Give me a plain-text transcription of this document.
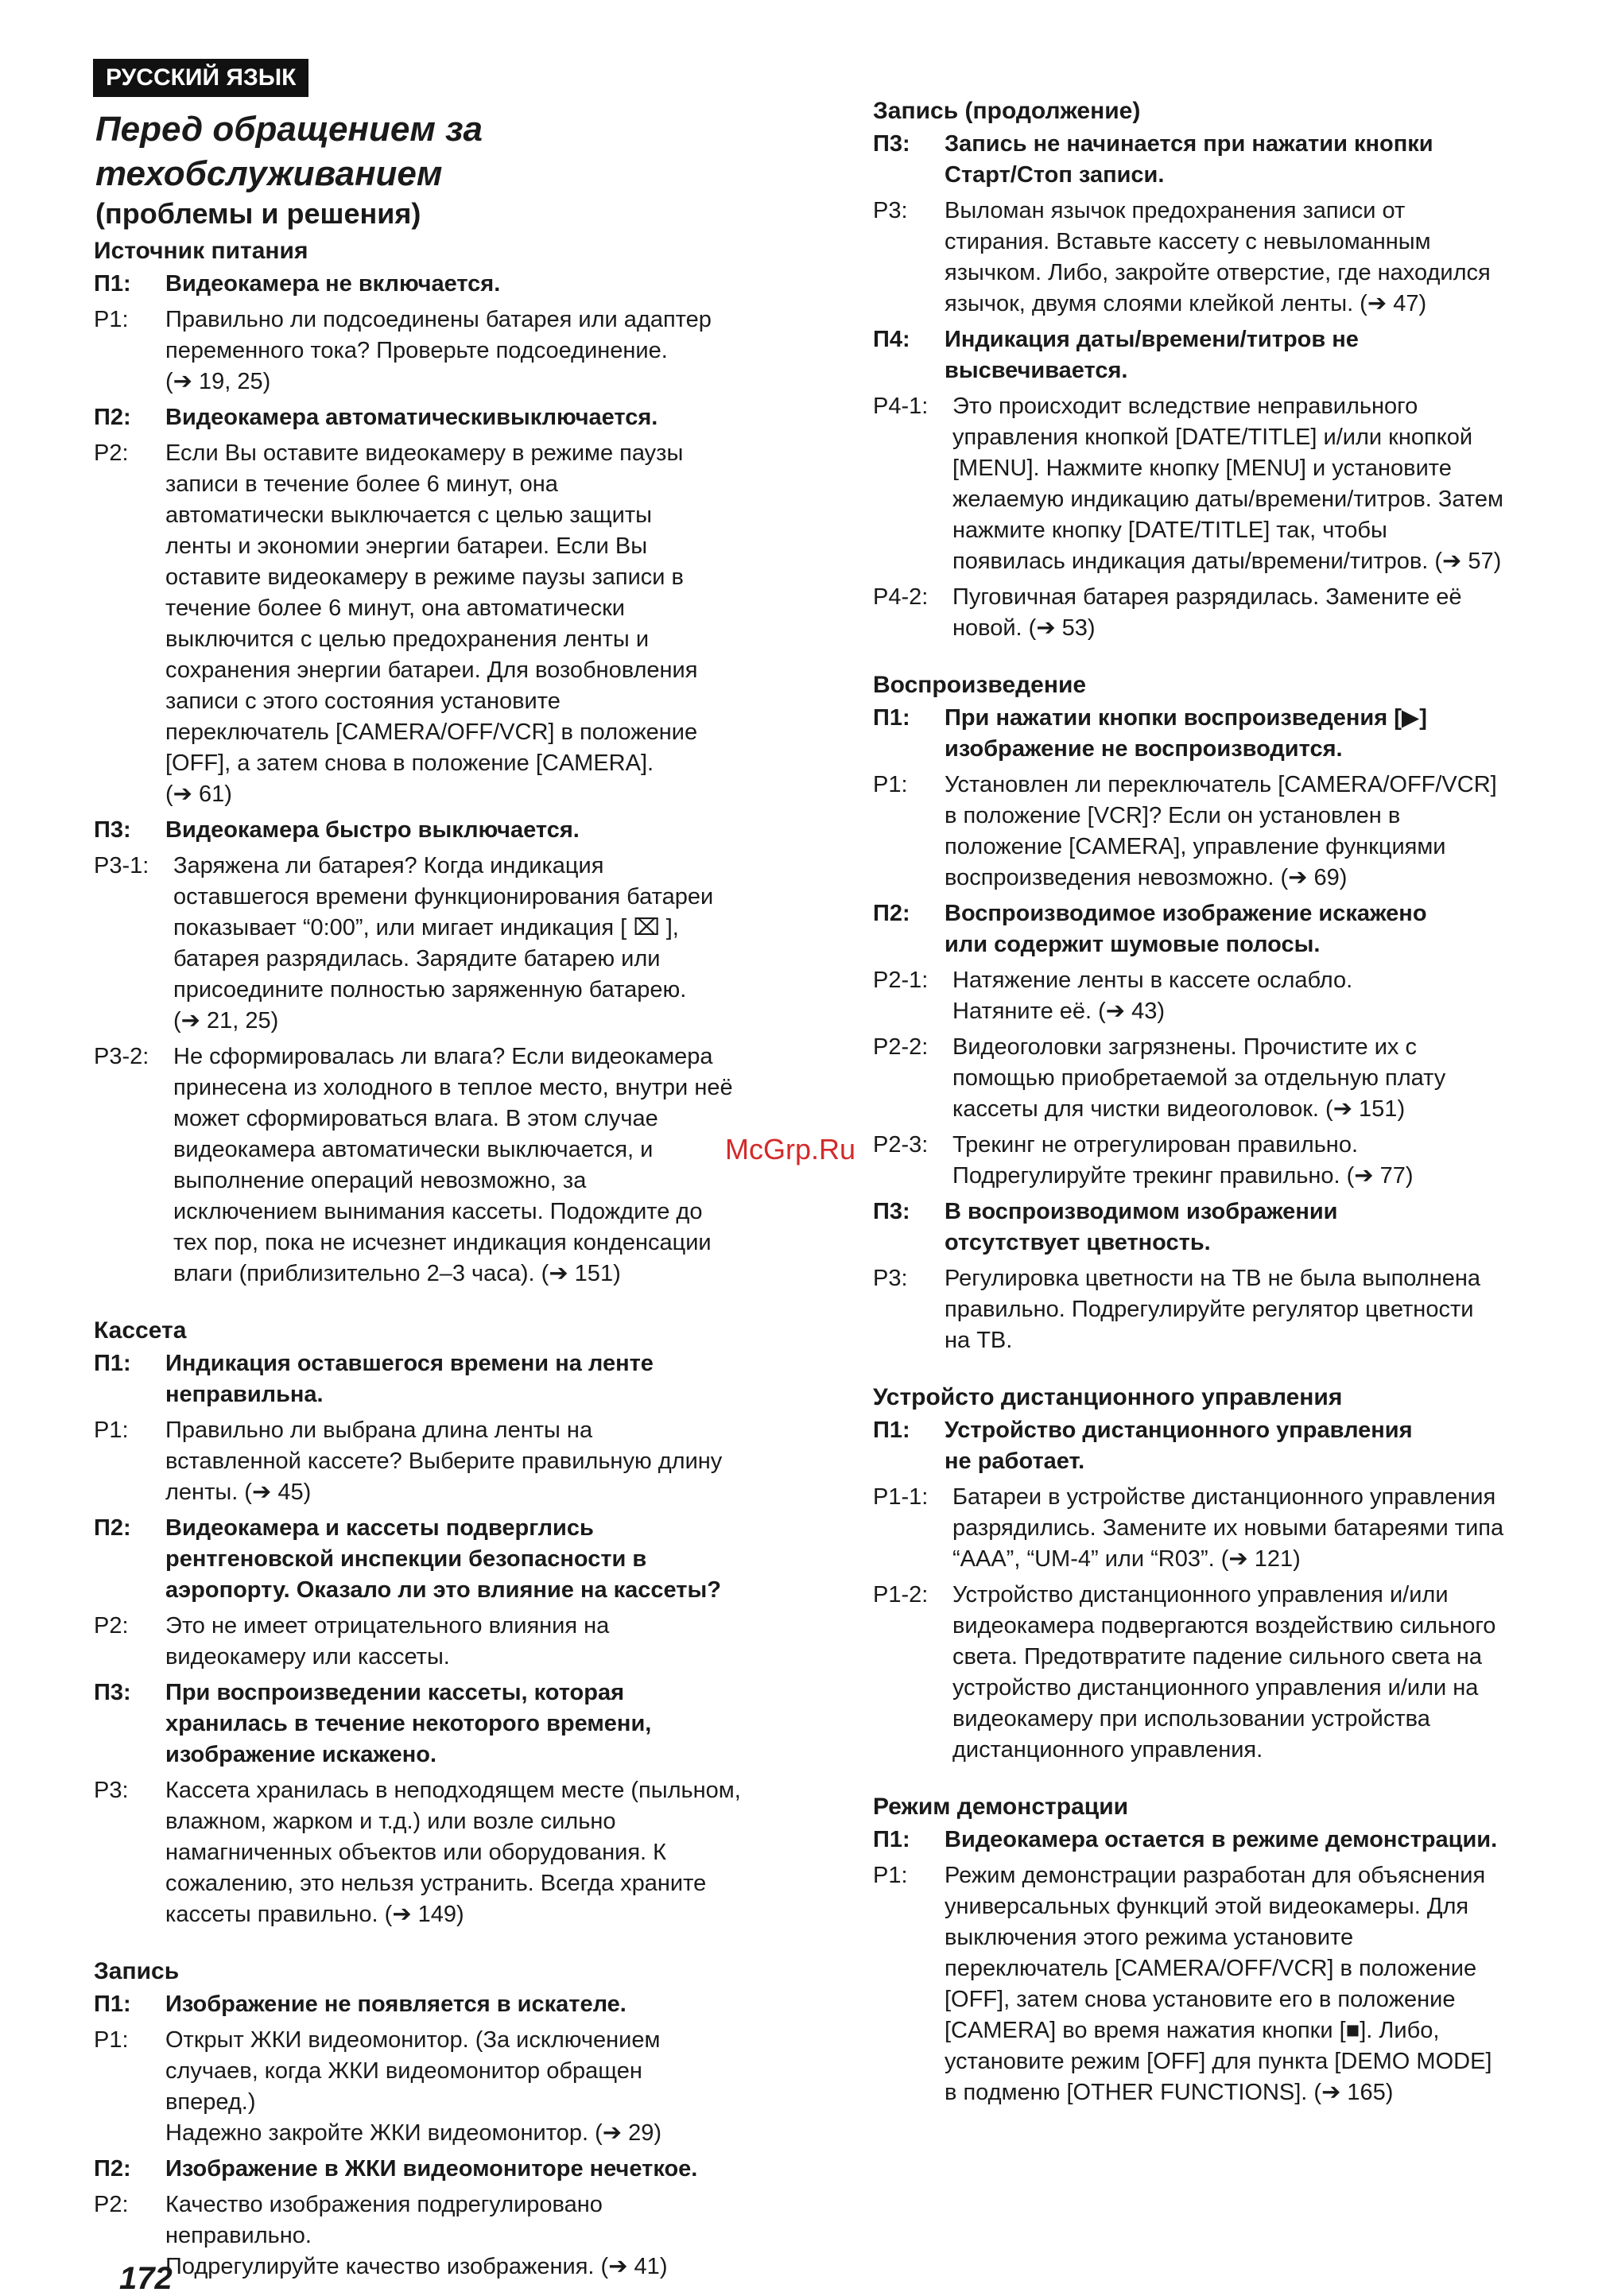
РУССКИЙ ЯЗЫК
Перед обращением за
техобслуживанием
(проблемы и решения)
Источник питания
П1:	Видеокамера не включается.
Р1:	Правильно ли подсоединены батарея или адаптер
переменного тока? Проверьте подсоединение.
(➔ 19, 25)
П2:	Видеокамера автоматическивыключается.
Р2:	Если Вы оставите видеокамеру в режиме паузы
записи в течение более 6 минут, она
автоматически выключается с целью защиты
ленты и экономии энергии батареи. Если Вы
оставите видеокамеру в режиме паузы записи в
течение более 6 минут, она автоматически
выключится с целью предохранения ленты и
сохранения энергии батареи. Для возобновления
записи с этого состояния установите
переключатель [CAMERA/OFF/VCR] в положение
[OFF], а затем снова в положение [CAMERA].
(➔ 61)
П3:	Видеокамера быстро выключается.
Р3-1:	Заряжена ли батарея? Когда индикация
оставшегося времени функционирования батареи
показывает “0:00”, или мигает индикация [ ⌧ ],
батарея разрядилась. Зарядите батарею или
присоедините полностью заряженную батарею.
(➔ 21, 25)
Р3-2:	Не сформировалась ли влага? Если видеокамера
принесена из холодного в теплое место, внутри неё
может сформироваться влага. В этом случае
видеокамера автоматически выключается, и
выполнение операций невозможно, за
исключением вынимания кассеты. Подождите до
тех пор, пока не исчезнет индикация конденсации
влаги (приблизительно 2–3 часа). (➔ 151)
Кассета
П1:	Индикация оставшегося времени на ленте
неправильна.
Р1:	Правильно ли выбрана длина ленты на
вставленной кассете? Выберите правильную длину
ленты. (➔ 45)
П2:	Видеокамера и кассеты подверглись
рентгеновской инспекции безопасности в
аэропорту. Оказало ли это влияние на кассеты?
Р2:	Это не имеет отрицательного влияния на
видеокамеру или кассеты.
П3:	При воспроизведении кассеты, которая
хранилась в течение некоторого времени,
изображение искажено.
Р3:	Кассета хранилась в неподходящем месте (пыльном,
влажном, жарком и т.д.) или возле сильно
намагниченных объектов или оборудования. К
сожалению, это нельзя устранить. Всегда храните
кассеты правильно. (➔ 149)
Запись
П1:	Изображение не появляется в искателе.
Р1:	Открыт ЖКИ видеомонитор. (За исключением
случаев, когда ЖКИ видеомонитор обращен
вперед.)
Надежно закройте ЖКИ видеомонитор. (➔ 29)
П2:	Изображение в ЖКИ видеомониторе нечеткое.
Р2:	Качество изображения подрегулировано
неправильно.
Подрегулируйте качество изображения. (➔ 41)
Запись (продолжение)
П3:	Запись не начинается при нажатии кнопки
Старт/Стоп записи.
Р3:	Выломан язычок предохранения записи от
стирания. Вставьте кассету с невыломанным
язычком. Либо, закройте отверстие, где находился
язычок, двумя слоями клейкой ленты. (➔ 47)
П4:	Индикация даты/времени/титров не
высвечивается.
Р4-1:	Это происходит вследствие неправильного
управления кнопкой [DATE/TITLE] и/или кнопкой
[MENU]. Нажмите кнопку [MENU] и установите
желаемую индикацию даты/времени/титров. Затем
нажмите кнопку [DATE/TITLE] так, чтобы
появилась индикация даты/времени/титров. (➔ 57)
Р4-2:	Пуговичная батарея разрядилась. Замените её
новой. (➔ 53)
Воспроизведение
П1:	При нажатии кнопки воспроизведения [▶]
изображение не воспроизводится.
Р1:	Установлен ли переключатель [CAMERA/OFF/VCR]
в положение [VCR]? Если он установлен в
положение [CAMERA], управление функциями
воспроизведения невозможно. (➔ 69)
П2:	Воспроизводимое изображение искажено
или содержит шумовые полосы.
Р2-1:	Натяжение ленты в кассете ослабло.
Натяните её. (➔ 43)
Р2-2:	Видеоголовки загрязнены. Прочистите их с
помощью приобретаемой за отдельную плату
кассеты для чистки видеоголовок. (➔ 151)
Р2-3:	Трекинг не отрегулирован правильно.
Подрегулируйте трекинг правильно. (➔ 77)
П3:	В воспроизводимом изображении
отсутствует цветность.
Р3:	Регулировка цветности на ТВ не была выполнена
правильно. Подрегулируйте регулятор цветности
на ТВ.
Устройсто дистанционного управления
П1:	Устройство дистанционного управления
не работает.
Р1-1:	Батареи в устройстве дистанционного управления
разрядились. Замените их новыми батареями типа
“AAA”, “UM-4” или “R03”. (➔ 121)
Р1-2:	Устройство дистанционного управления и/или
видеокамера подвергаются воздействию сильного
света. Предотвратите падение сильного света на
устройство дистанционного управления и/или на
видеокамеру при использовании устройства
дистанционного управления.
Режим демонстрации
П1:	Видеокамера остается в режиме демонстрации.
Р1:	Режим демонстрации разработан для объяснения
универсальных функций этой видеокамеры. Для
выключения этого режима установите
переключатель [CAMERA/OFF/VCR] в положение
[OFF], затем снова установите его в положение
[CAMERA] во время нажатия кнопки [■]. Либо,
установите режим [OFF] для пункта [DEMO MODE]
в подменю [OTHER FUNCTIONS]. (➔ 165)
McGrp.Ru
172
